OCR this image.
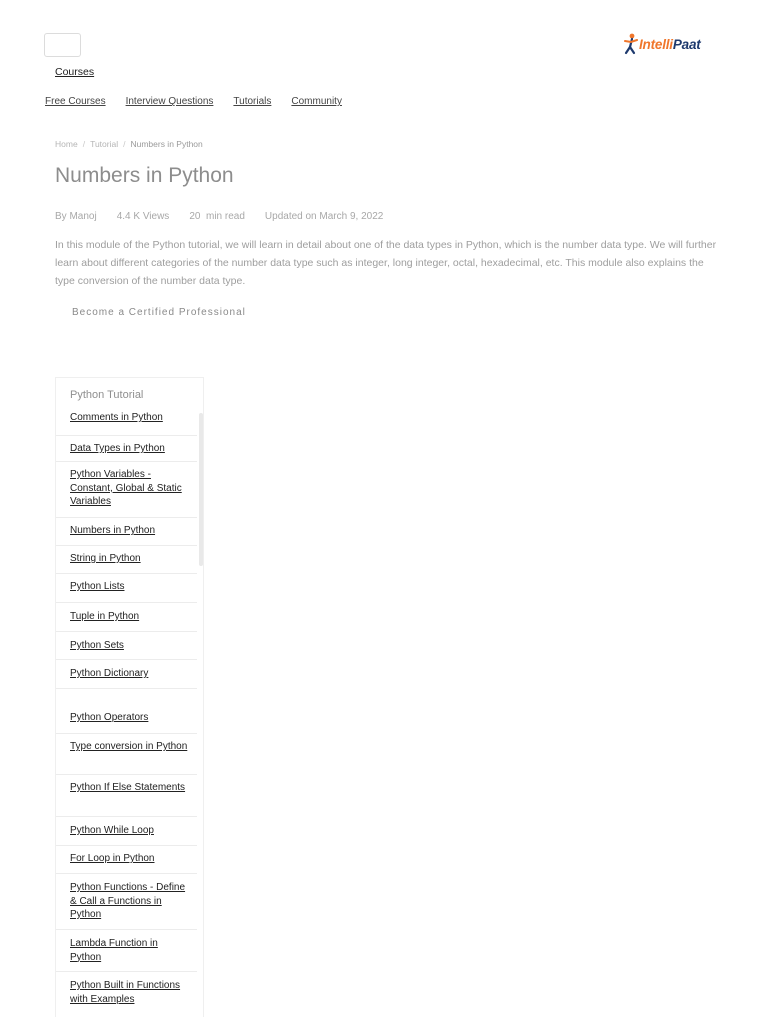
IntelliPaat
Courses
Free Courses Interview Questions Tutorials Community
Home / Tutorial / Numbers in Python
Numbers in Python
By Manoj 4.4 K Views 20  min read Updated on March 9, 2022

In this module of the Python tutorial, we will learn in detail about one of the data types in Python, which is the number data type. We will further learn about different categories of the number data type such as integer, long integer, octal, hexadecimal, etc. This module also explains the type conversion of the number data type.

Become a Certified Professional
Python Tutorial
Comments in Python
Data Types in Python
Python Variables - Constant, Global & Static Variables
Numbers in Python
String in Python
Python Lists
Tuple in Python
Python Sets
Python Dictionary
Python Operators
Type conversion in Python
Python If Else Statements
Python While Loop
For Loop in Python
Python Functions - Define & Call a Functions in Python
Lambda Function in Python
Python Built in Functions with Examples
